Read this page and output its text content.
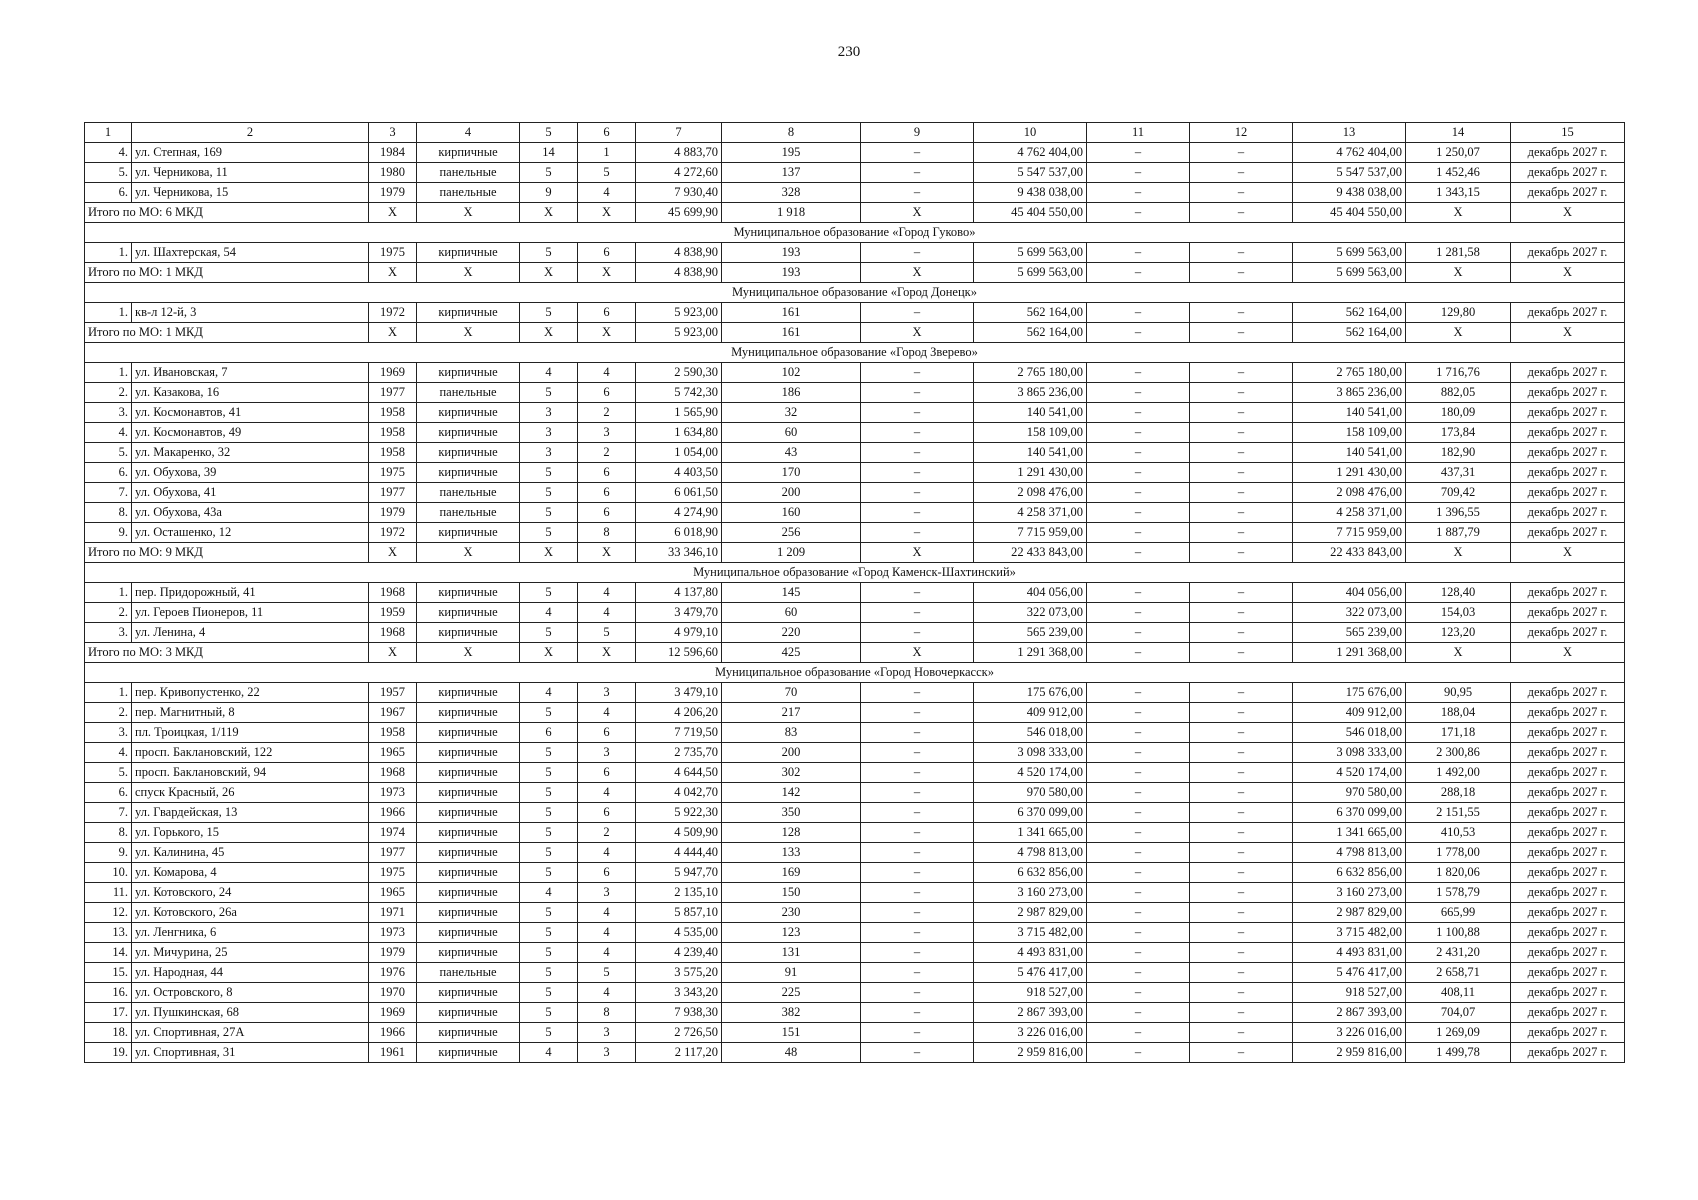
230
1	2	3	4	5	6	7	8	9	10	11	12	13	14	15
4.	ул. Степная, 169	1984	кирпичные	14	1	4 883,70	195	–	4 762 404,00	–	–	4 762 404,00	1 250,07	декабрь 2027 г.
5.	ул. Черникова, 11	1980	панельные	5	5	4 272,60	137	–	5 547 537,00	–	–	5 547 537,00	1 452,46	декабрь 2027 г.
6.	ул. Черникова, 15	1979	панельные	9	4	7 930,40	328	–	9 438 038,00	–	–	9 438 038,00	1 343,15	декабрь 2027 г.
Итого по МО: 6 МКД		X	X	X	X	45 699,90	1 918	X	45 404 550,00	–	–	45 404 550,00	X	X
Муниципальное образование «Город Гуково»														
1.	ул. Шахтерская, 54	1975	кирпичные	5	6	4 838,90	193	–	5 699 563,00	–	–	5 699 563,00	1 281,58	декабрь 2027 г.
Итого по МО: 1 МКД		X	X	X	X	4 838,90	193	X	5 699 563,00	–	–	5 699 563,00	X	X
Муниципальное образование «Город Донецк»														
1.	кв-л 12-й, 3	1972	кирпичные	5	6	5 923,00	161	–	562 164,00	–	–	562 164,00	129,80	декабрь 2027 г.
Итого по МО: 1 МКД		X	X	X	X	5 923,00	161	X	562 164,00	–	–	562 164,00	X	X
Муниципальное образование «Город Зверево»														
1.	ул. Ивановская, 7	1969	кирпичные	4	4	2 590,30	102	–	2 765 180,00	–	–	2 765 180,00	1 716,76	декабрь 2027 г.
2.	ул. Казакова, 16	1977	панельные	5	6	5 742,30	186	–	3 865 236,00	–	–	3 865 236,00	882,05	декабрь 2027 г.
3.	ул. Космонавтов, 41	1958	кирпичные	3	2	1 565,90	32	–	140 541,00	–	–	140 541,00	180,09	декабрь 2027 г.
4.	ул. Космонавтов, 49	1958	кирпичные	3	3	1 634,80	60	–	158 109,00	–	–	158 109,00	173,84	декабрь 2027 г.
5.	ул. Макаренко, 32	1958	кирпичные	3	2	1 054,00	43	–	140 541,00	–	–	140 541,00	182,90	декабрь 2027 г.
6.	ул. Обухова, 39	1975	кирпичные	5	6	4 403,50	170	–	1 291 430,00	–	–	1 291 430,00	437,31	декабрь 2027 г.
7.	ул. Обухова, 41	1977	панельные	5	6	6 061,50	200	–	2 098 476,00	–	–	2 098 476,00	709,42	декабрь 2027 г.
8.	ул. Обухова, 43а	1979	панельные	5	6	4 274,90	160	–	4 258 371,00	–	–	4 258 371,00	1 396,55	декабрь 2027 г.
9.	ул. Осташенко, 12	1972	кирпичные	5	8	6 018,90	256	–	7 715 959,00	–	–	7 715 959,00	1 887,79	декабрь 2027 г.
Итого по МО: 9 МКД		X	X	X	X	33 346,10	1 209	X	22 433 843,00	–	–	22 433 843,00	X	X
Муниципальное образование «Город Каменск-Шахтинский»														
1.	пер. Придорожный, 41	1968	кирпичные	5	4	4 137,80	145	–	404 056,00	–	–	404 056,00	128,40	декабрь 2027 г.
2.	ул. Героев Пионеров, 11	1959	кирпичные	4	4	3 479,70	60	–	322 073,00	–	–	322 073,00	154,03	декабрь 2027 г.
3.	ул. Ленина, 4	1968	кирпичные	5	5	4 979,10	220	–	565 239,00	–	–	565 239,00	123,20	декабрь 2027 г.
Итого по МО: 3 МКД		X	X	X	X	12 596,60	425	X	1 291 368,00	–	–	1 291 368,00	X	X
Муниципальное образование «Город Новочеркасск»														
1.	пер. Кривопустенко, 22	1957	кирпичные	4	3	3 479,10	70	–	175 676,00	–	–	175 676,00	90,95	декабрь 2027 г.
2.	пер. Магнитный, 8	1967	кирпичные	5	4	4 206,20	217	–	409 912,00	–	–	409 912,00	188,04	декабрь 2027 г.
3.	пл. Троицкая, 1/119	1958	кирпичные	6	6	7 719,50	83	–	546 018,00	–	–	546 018,00	171,18	декабрь 2027 г.
4.	просп. Баклановский, 122	1965	кирпичные	5	3	2 735,70	200	–	3 098 333,00	–	–	3 098 333,00	2 300,86	декабрь 2027 г.
5.	просп. Баклановский, 94	1968	кирпичные	5	6	4 644,50	302	–	4 520 174,00	–	–	4 520 174,00	1 492,00	декабрь 2027 г.
6.	спуск Красный, 26	1973	кирпичные	5	4	4 042,70	142	–	970 580,00	–	–	970 580,00	288,18	декабрь 2027 г.
7.	ул. Гвардейская, 13	1966	кирпичные	5	6	5 922,30	350	–	6 370 099,00	–	–	6 370 099,00	2 151,55	декабрь 2027 г.
8.	ул. Горького, 15	1974	кирпичные	5	2	4 509,90	128	–	1 341 665,00	–	–	1 341 665,00	410,53	декабрь 2027 г.
9.	ул. Калинина, 45	1977	кирпичные	5	4	4 444,40	133	–	4 798 813,00	–	–	4 798 813,00	1 778,00	декабрь 2027 г.
10.	ул. Комарова, 4	1975	кирпичные	5	6	5 947,70	169	–	6 632 856,00	–	–	6 632 856,00	1 820,06	декабрь 2027 г.
11.	ул. Котовского, 24	1965	кирпичные	4	3	2 135,10	150	–	3 160 273,00	–	–	3 160 273,00	1 578,79	декабрь 2027 г.
12.	ул. Котовского, 26а	1971	кирпичные	5	4	5 857,10	230	–	2 987 829,00	–	–	2 987 829,00	665,99	декабрь 2027 г.
13.	ул. Ленгника, 6	1973	кирпичные	5	4	4 535,00	123	–	3 715 482,00	–	–	3 715 482,00	1 100,88	декабрь 2027 г.
14.	ул. Мичурина, 25	1979	кирпичные	5	4	4 239,40	131	–	4 493 831,00	–	–	4 493 831,00	2 431,20	декабрь 2027 г.
15.	ул. Народная, 44	1976	панельные	5	5	3 575,20	91	–	5 476 417,00	–	–	5 476 417,00	2 658,71	декабрь 2027 г.
16.	ул. Островского, 8	1970	кирпичные	5	4	3 343,20	225	–	918 527,00	–	–	918 527,00	408,11	декабрь 2027 г.
17.	ул. Пушкинская, 68	1969	кирпичные	5	8	7 938,30	382	–	2 867 393,00	–	–	2 867 393,00	704,07	декабрь 2027 г.
18.	ул. Спортивная, 27А	1966	кирпичные	5	3	2 726,50	151	–	3 226 016,00	–	–	3 226 016,00	1 269,09	декабрь 2027 г.
19.	ул. Спортивная, 31	1961	кирпичные	4	3	2 117,20	48	–	2 959 816,00	–	–	2 959 816,00	1 499,78	декабрь 2027 г.
